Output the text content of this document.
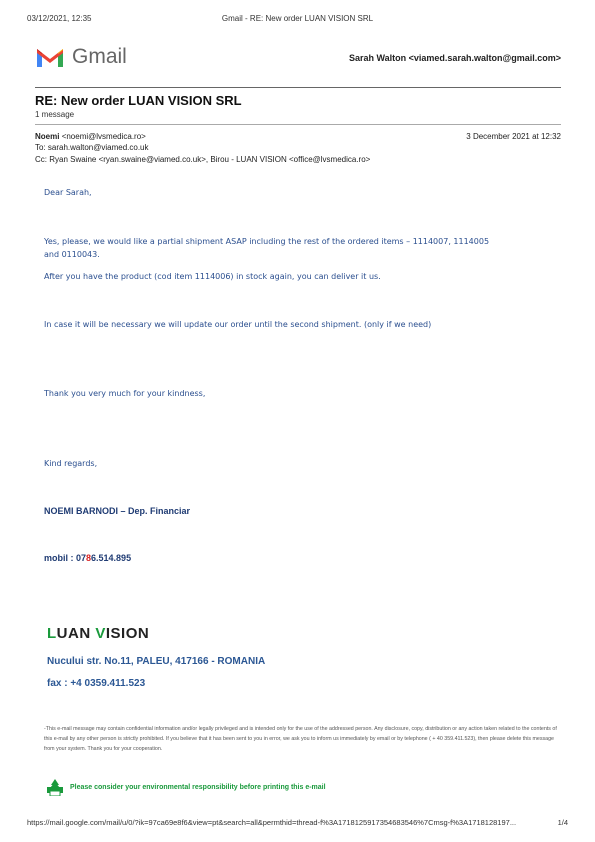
03/12/2021, 12:35	Gmail - RE: New order LUAN VISION SRL
Gmail	Sarah Walton <viamed.sarah.walton@gmail.com>
RE: New order LUAN VISION SRL
1 message
Noemi <noemi@lvsmedica.ro>	3 December 2021 at 12:32
To: sarah.walton@viamed.co.uk
Cc: Ryan Swaine <ryan.swaine@viamed.co.uk>, Birou - LUAN VISION <office@lvsmedica.ro>
Dear Sarah,
Yes, please, we would like a partial shipment ASAP including the rest of the ordered items – 1114007, 1114005
and 0110043.
After you have the product (cod item 1114006) in stock again, you can deliver it us.
In case it will be necessary we will update our order until the second shipment. (only if we need)
Thank you very much for your kindness,
Kind regards,
NOEMI BARNODI – Dep. Financiar
mobil : 0786.514.895
LUAN VISION
Nucului str. No.11, PALEU, 417166 - ROMANIA
fax : +4 0359.411.523
-This e-mail message may contain confidential information and/or legally privileged and is intended only for the use of the addressed person. Any disclosure, copy, distribution or any action taken related to the contents of this e-mail by any other person is strictly prohibited. If you believe that it has been sent to you in error, we ask you to inform us immediately by email or by telephone ( + 40 359.411.523), then please delete this message from your system. Thank you for your cooperation.
Please consider your environmental responsibility before printing this e-mail
https://mail.google.com/mail/u/0/?ik=97ca69e8f6&view=pt&search=all&permthid=thread-f%3A1718125917354683546%7Cmsg-f%3A1718128197...	1/4
